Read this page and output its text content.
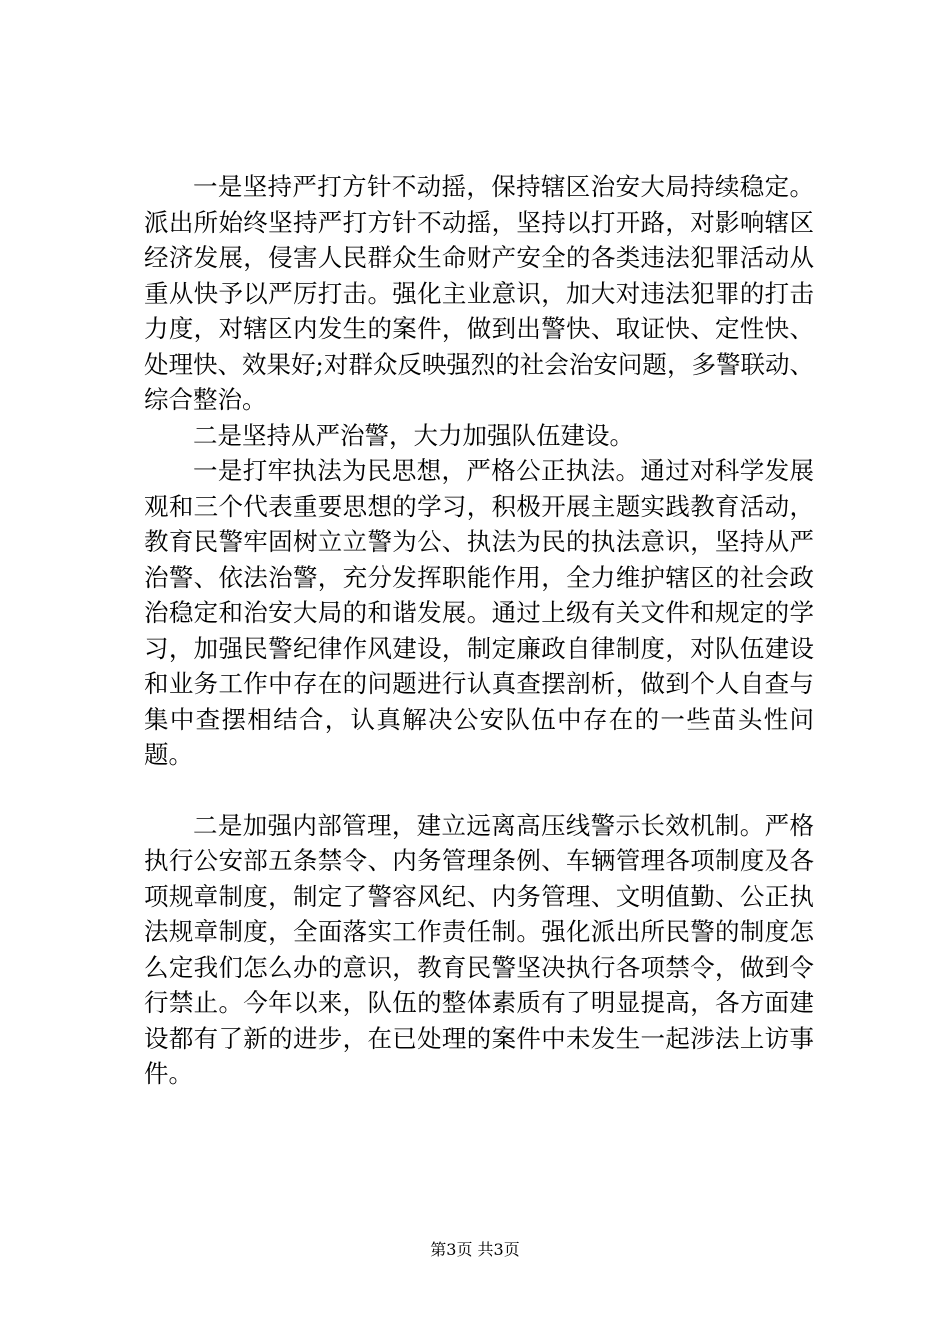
一是坚持严打方针不动摇，保持辖区治安大局持续稳定。派出所始终坚持严打方针不动摇，坚持以打开路，对影响辖区经济发展，侵害人民群众生命财产安全的各类违法犯罪活动从重从快予以严厉打击。强化主业意识，加大对违法犯罪的打击力度，对辖区内发生的案件，做到出警快、取证快、定性快、处理快、效果好;对群众反映强烈的社会治安问题，多警联动、综合整治。

二是坚持从严治警，大力加强队伍建设。

一是打牢执法为民思想，严格公正执法。通过对科学发展观和三个代表重要思想的学习，积极开展主题实践教育活动，教育民警牢固树立立警为公、执法为民的执法意识，坚持从严治警、依法治警，充分发挥职能作用，全力维护辖区的社会政治稳定和治安大局的和谐发展。通过上级有关文件和规定的学习，加强民警纪律作风建设，制定廉政自律制度，对队伍建设和业务工作中存在的问题进行认真查摆剖析，做到个人自查与集中查摆相结合，认真解决公安队伍中存在的一些苗头性问题。

二是加强内部管理，建立远离高压线警示长效机制。严格执行公安部五条禁令、内务管理条例、车辆管理各项制度及各项规章制度，制定了警容风纪、内务管理、文明值勤、公正执法规章制度，全面落实工作责任制。强化派出所民警的制度怎么定我们怎么办的意识，教育民警坚决执行各项禁令，做到令行禁止。今年以来，队伍的整体素质有了明显提高，各方面建设都有了新的进步，在已处理的案件中未发生一起涉法上访事件。

第3页 共3页
